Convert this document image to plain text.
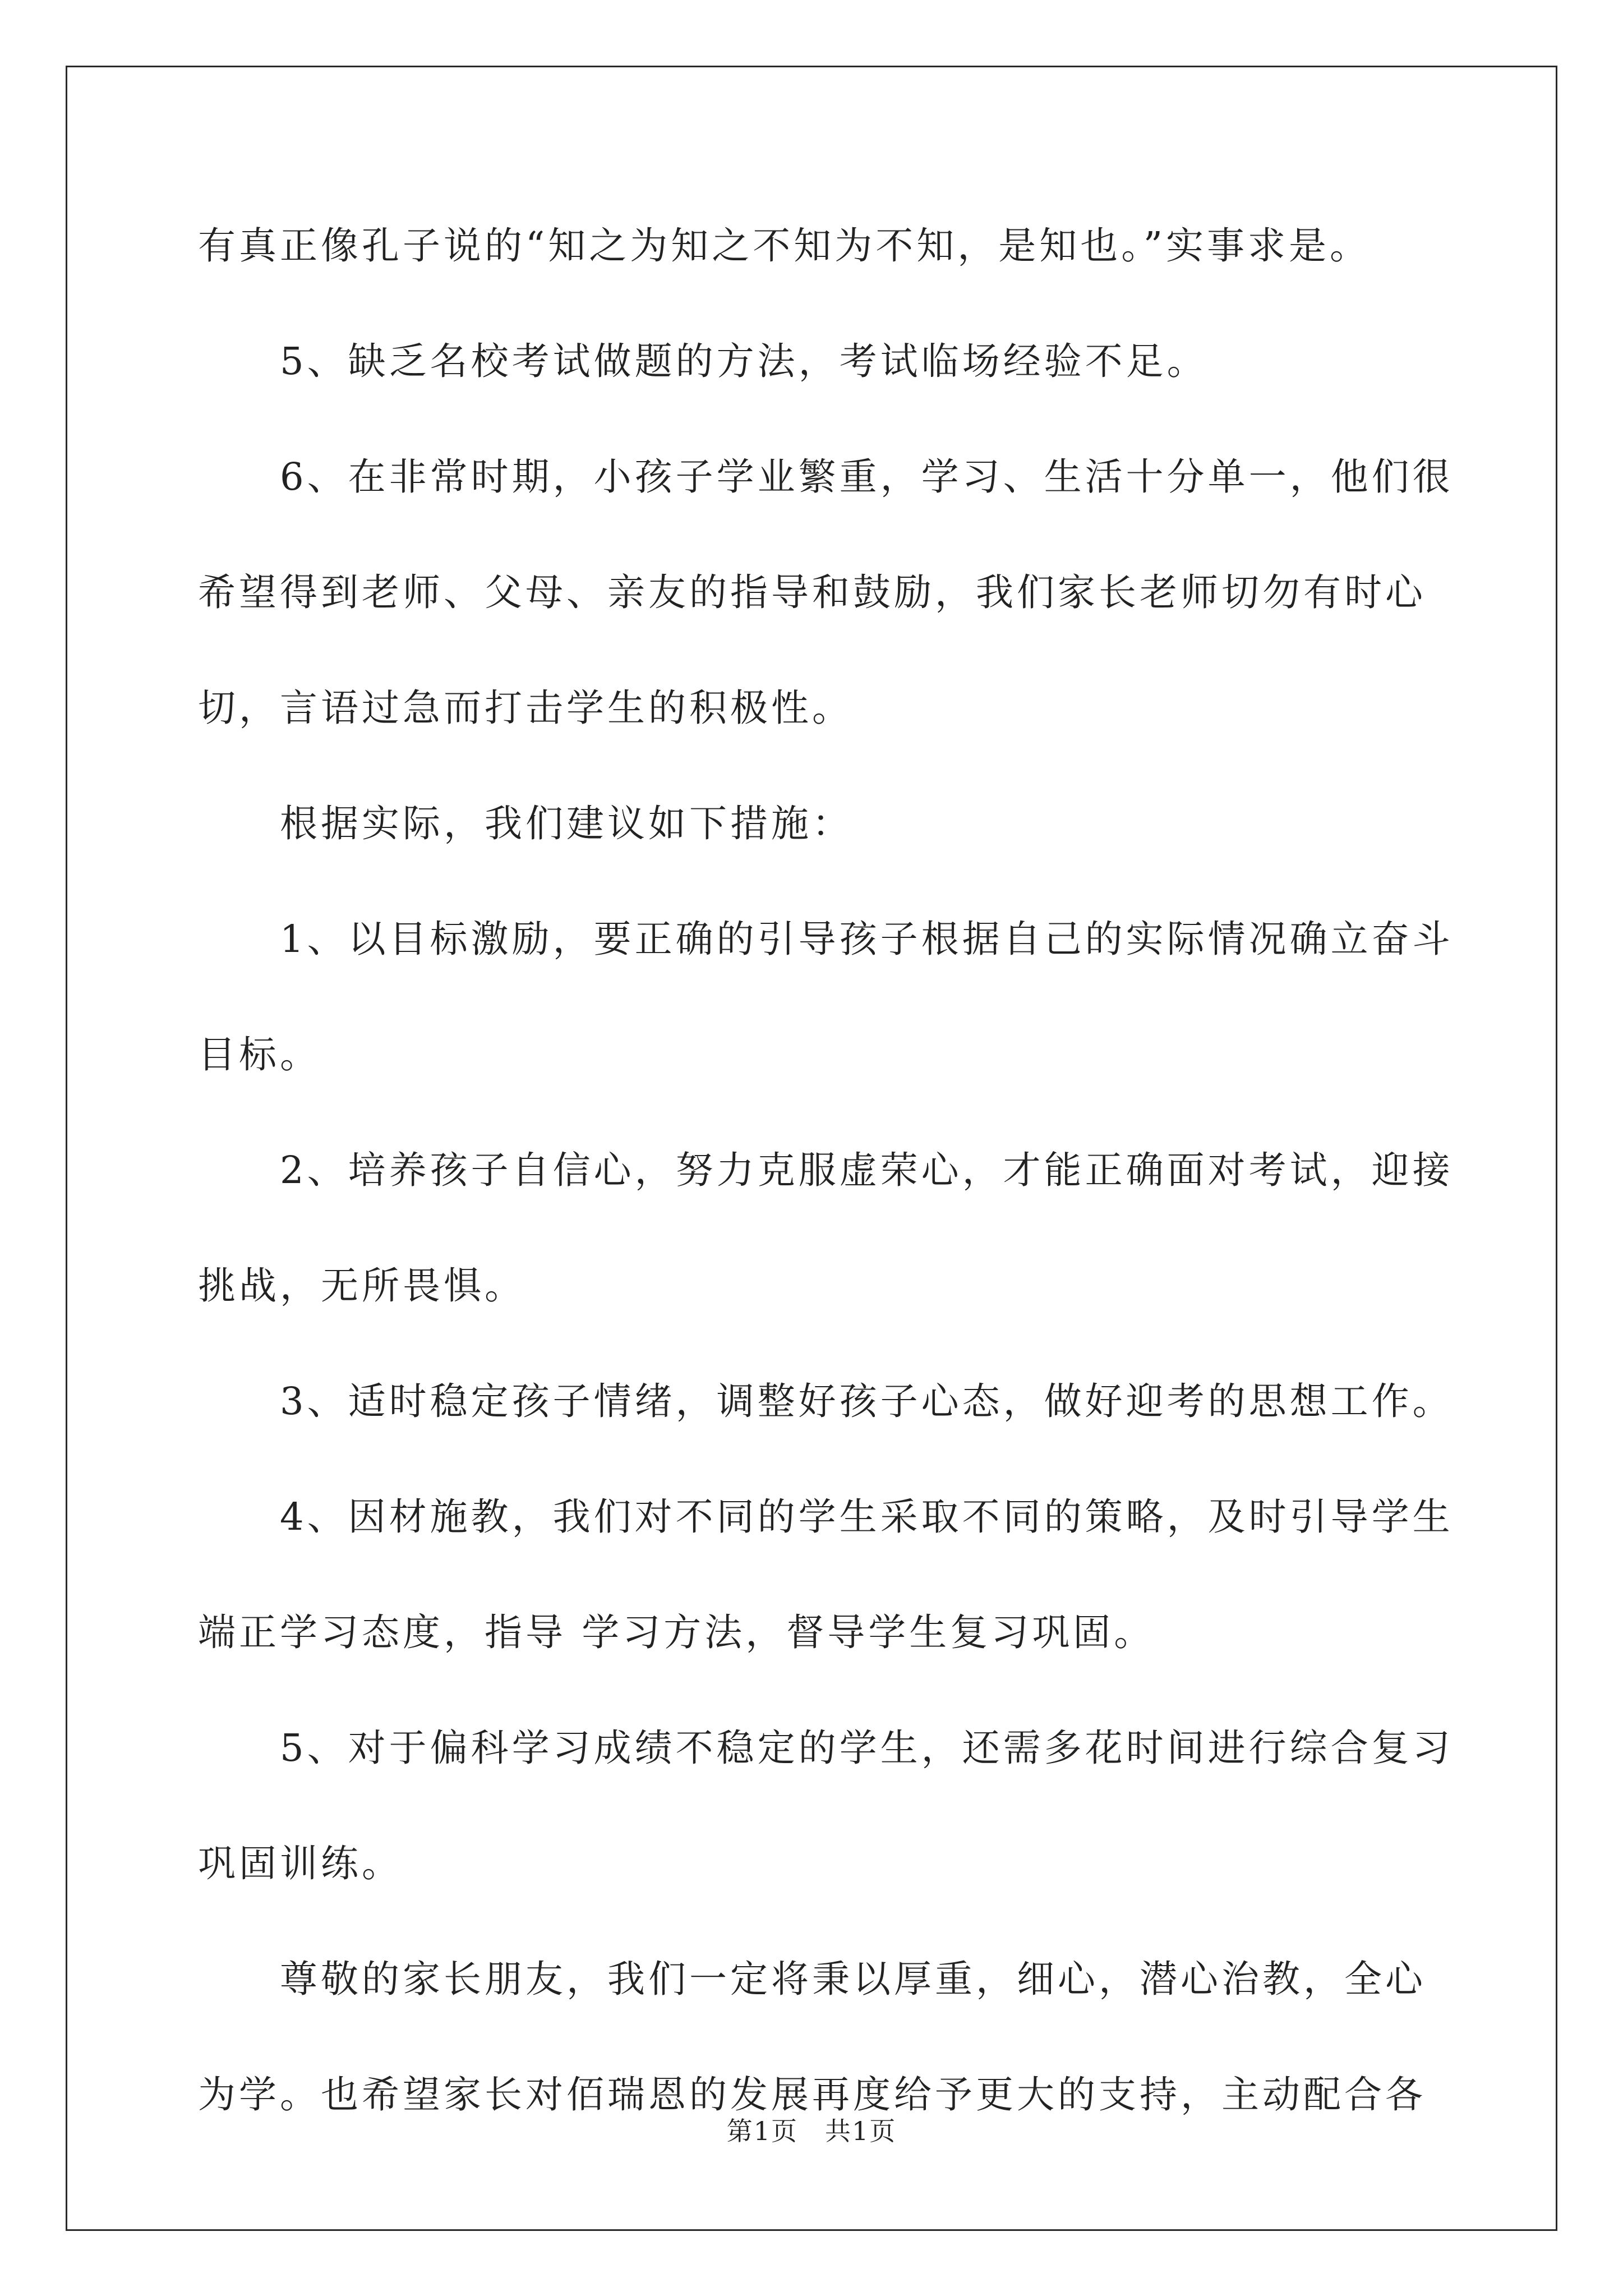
有真正像孔子说的“知之为知之不知为不知，是知也。”实事求是。
5、缺乏名校考试做题的方法，考试临场经验不足。
6、在非常时期，小孩子学业繁重，学习、生活十分单一，他们很
希望得到老师、父母、亲友的指导和鼓励，我们家长老师切勿有时心
切，言语过急而打击学生的积极性。
根据实际，我们建议如下措施：
1、以目标激励，要正确的引导孩子根据自己的实际情况确立奋斗
目标。
2、培养孩子自信心，努力克服虚荣心，才能正确面对考试，迎接
挑战，无所畏惧。
3、适时稳定孩子情绪，调整好孩子心态，做好迎考的思想工作。
4、因材施教，我们对不同的学生采取不同的策略，及时引导学生
端正学习态度，指导 学习方法，督导学生复习巩固。
5、对于偏科学习成绩不稳定的学生，还需多花时间进行综合复习
巩固训练。
尊敬的家长朋友，我们一定将秉以厚重，细心，潜心治教，全心
为学。也希望家长对佰瑞恩的发展再度给予更大的支持，主动配合各
第1页　共1页
